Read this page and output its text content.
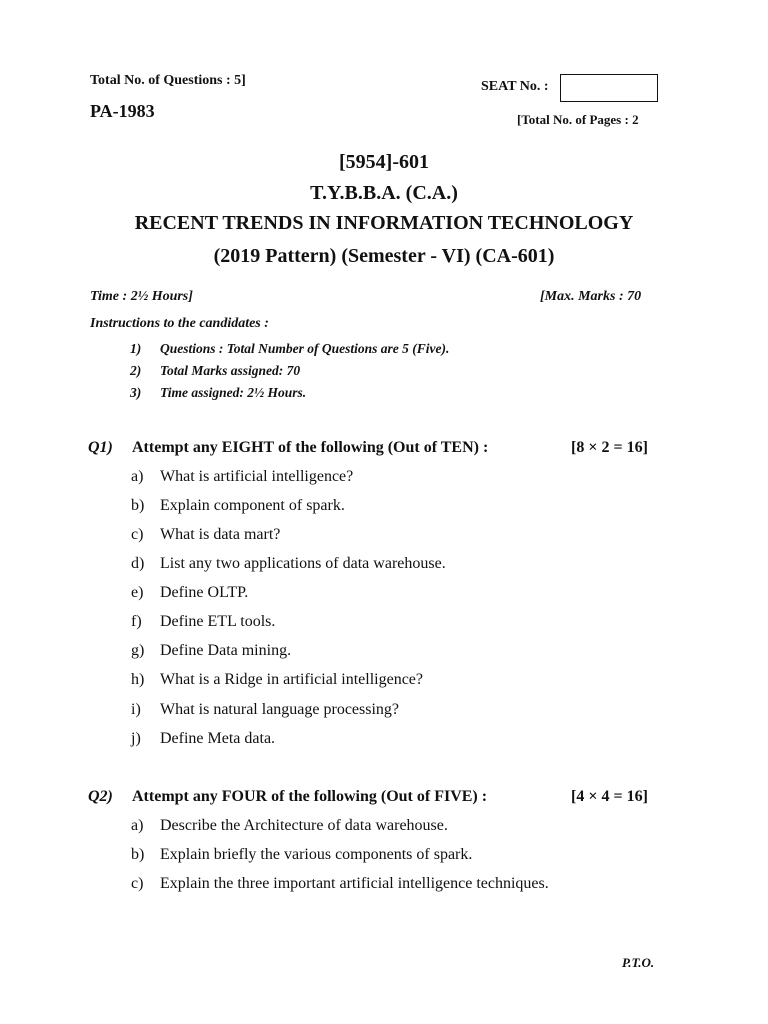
Total No. of Questions : 5]
PA-1983
SEAT No. :
[Total No. of Pages : 2
[5954]-601
T.Y.B.B.A. (C.A.)
RECENT TRENDS IN INFORMATION TECHNOLOGY
(2019 Pattern) (Semester - VI) (CA-601)
Time : 2½ Hours]	[Max. Marks : 70
Instructions to the candidates :
1) Questions : Total Number of Questions are 5 (Five).
2) Total Marks assigned: 70
3) Time assigned: 2½ Hours.
Q1) Attempt any EIGHT of the following (Out of TEN) :	[8 × 2 = 16]
a) What is artificial intelligence?
b) Explain component of spark.
c) What is data mart?
d) List any two applications of data warehouse.
e) Define OLTP.
f) Define ETL tools.
g) Define Data mining.
h) What is a Ridge in artificial intelligence?
i) What is natural language processing?
j) Define Meta data.
Q2) Attempt any FOUR of the following (Out of FIVE) :	[4 × 4 = 16]
a) Describe the Architecture of data warehouse.
b) Explain briefly the various components of spark.
c) Explain the three important artificial intelligence techniques.
P.T.O.
